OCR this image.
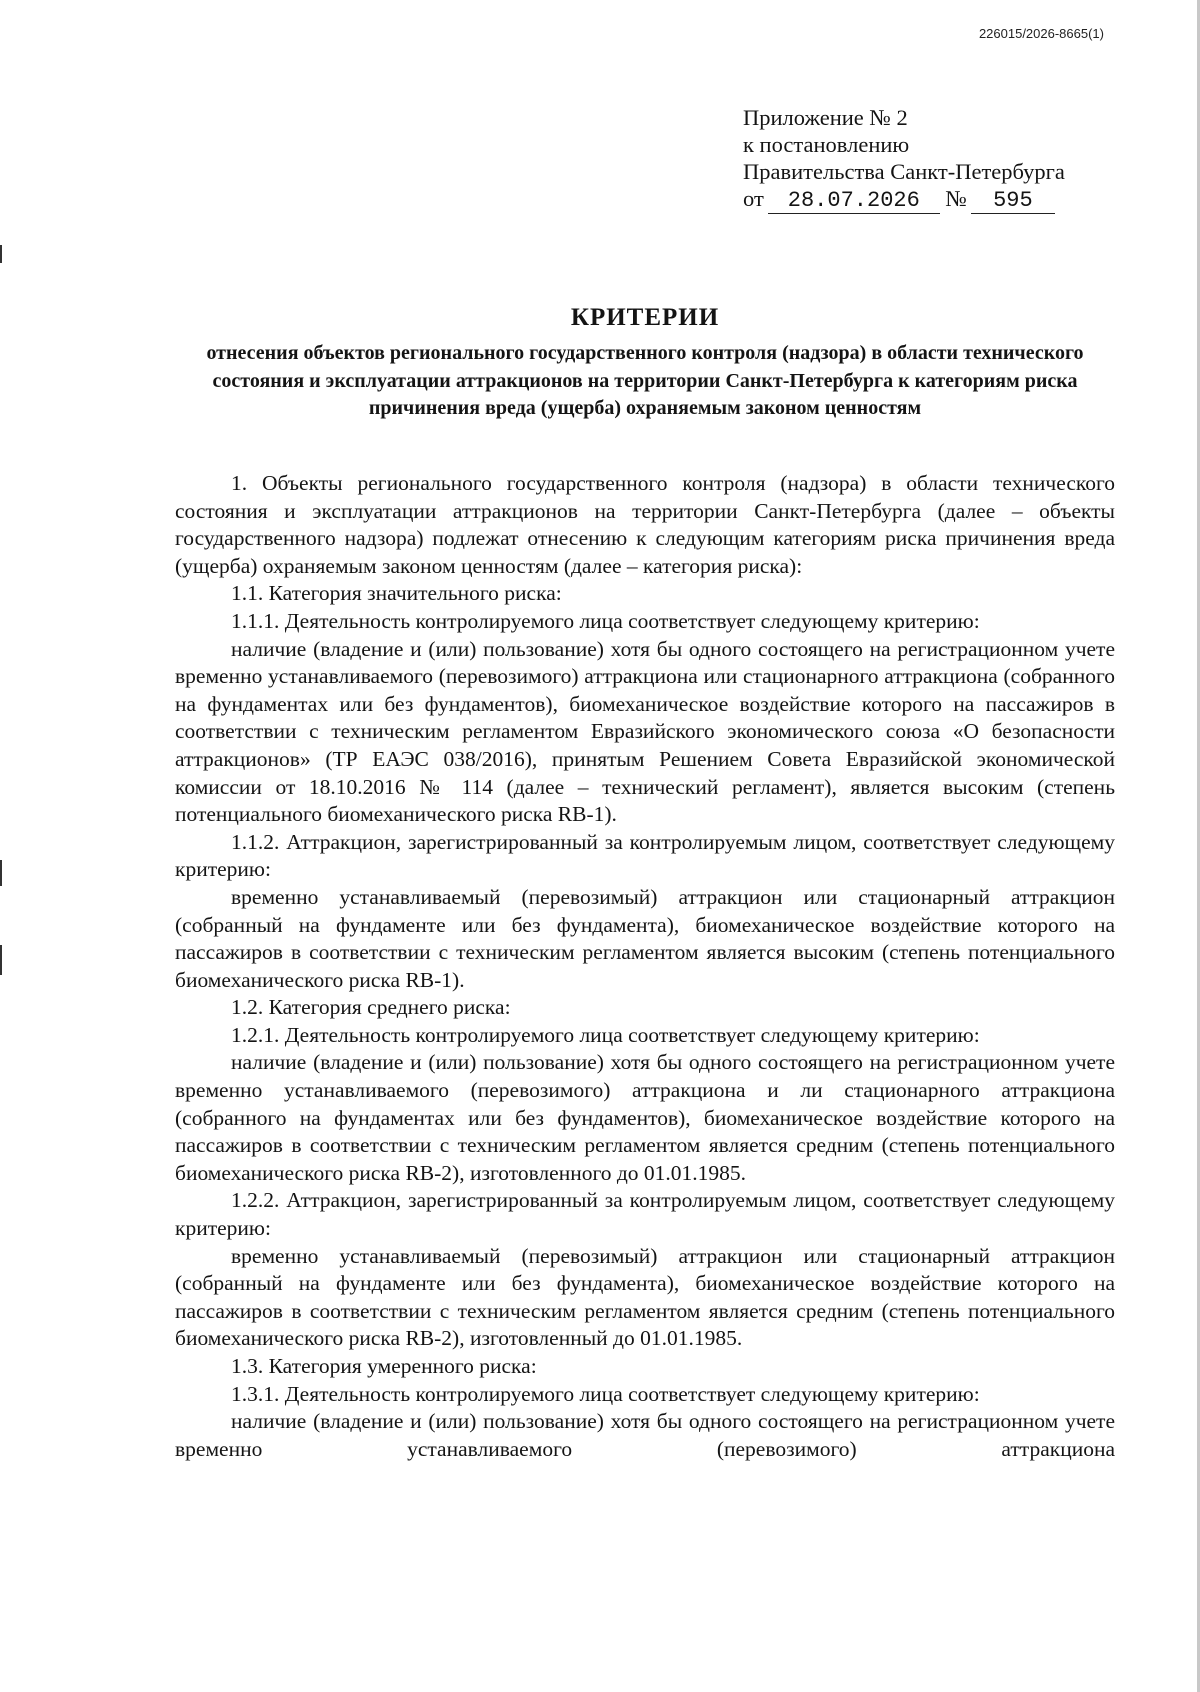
226015/2026-8665(1)
Приложение № 2
к постановлению
Правительства Санкт-Петербурга
от 28.07.2026 № 595
КРИТЕРИИ
отнесения объектов регионального государственного контроля (надзора) в области технического состояния и эксплуатации аттракционов на территории Санкт-Петербурга к категориям риска причинения вреда (ущерба) охраняемым законом ценностям

1. Объекты регионального государственного контроля (надзора) в области технического состояния и эксплуатации аттракционов на территории Санкт-Петербурга (далее – объекты государственного надзора) подлежат отнесению к следующим категориям риска причинения вреда (ущерба) охраняемым законом ценностям (далее – категория риска):

1.1. Категория значительного риска:

1.1.1. Деятельность контролируемого лица соответствует следующему критерию:

наличие (владение и (или) пользование) хотя бы одного состоящего на регистрационном учете временно устанавливаемого (перевозимого) аттракциона или стационарного аттракциона (собранного на фундаментах или без фундаментов), биомеханическое воздействие которого на пассажиров в соответствии с техническим регламентом Евразийского экономического союза «О безопасности аттракционов» (ТР ЕАЭС 038/2016), принятым Решением Совета Евразийской экономической комиссии от 18.10.2016 № 114 (далее – технический регламент), является высоким (степень потенциального биомеханического риска RB-1).

1.1.2. Аттракцион, зарегистрированный за контролируемым лицом, соответствует следующему критерию:

временно устанавливаемый (перевозимый) аттракцион или стационарный аттракцион (собранный на фундаменте или без фундамента), биомеханическое воздействие которого на пассажиров в соответствии с техническим регламентом является высоким (степень потенциального биомеханического риска RB-1).

1.2. Категория среднего риска:

1.2.1. Деятельность контролируемого лица соответствует следующему критерию:

наличие (владение и (или) пользование) хотя бы одного состоящего на регистрационном учете временно устанавливаемого (перевозимого) аттракциона и ли стационарного аттракциона (собранного на фундаментах или без фундаментов), биомеханическое воздействие которого на пассажиров в соответствии с техническим регламентом является средним (степень потенциального биомеханического риска RB-2), изготовленного до 01.01.1985.

1.2.2. Аттракцион, зарегистрированный за контролируемым лицом, соответствует следующему критерию:

временно устанавливаемый (перевозимый) аттракцион или стационарный аттракцион (собранный на фундаменте или без фундамента), биомеханическое воздействие которого на пассажиров в соответствии с техническим регламентом является средним (степень потенциального биомеханического риска RB-2), изготовленный до 01.01.1985.

1.3. Категория умеренного риска:

1.3.1. Деятельность контролируемого лица соответствует следующему критерию:

наличие (владение и (или) пользование) хотя бы одного состоящего на регистрационном учете временно устанавливаемого (перевозимого) аттракциона
